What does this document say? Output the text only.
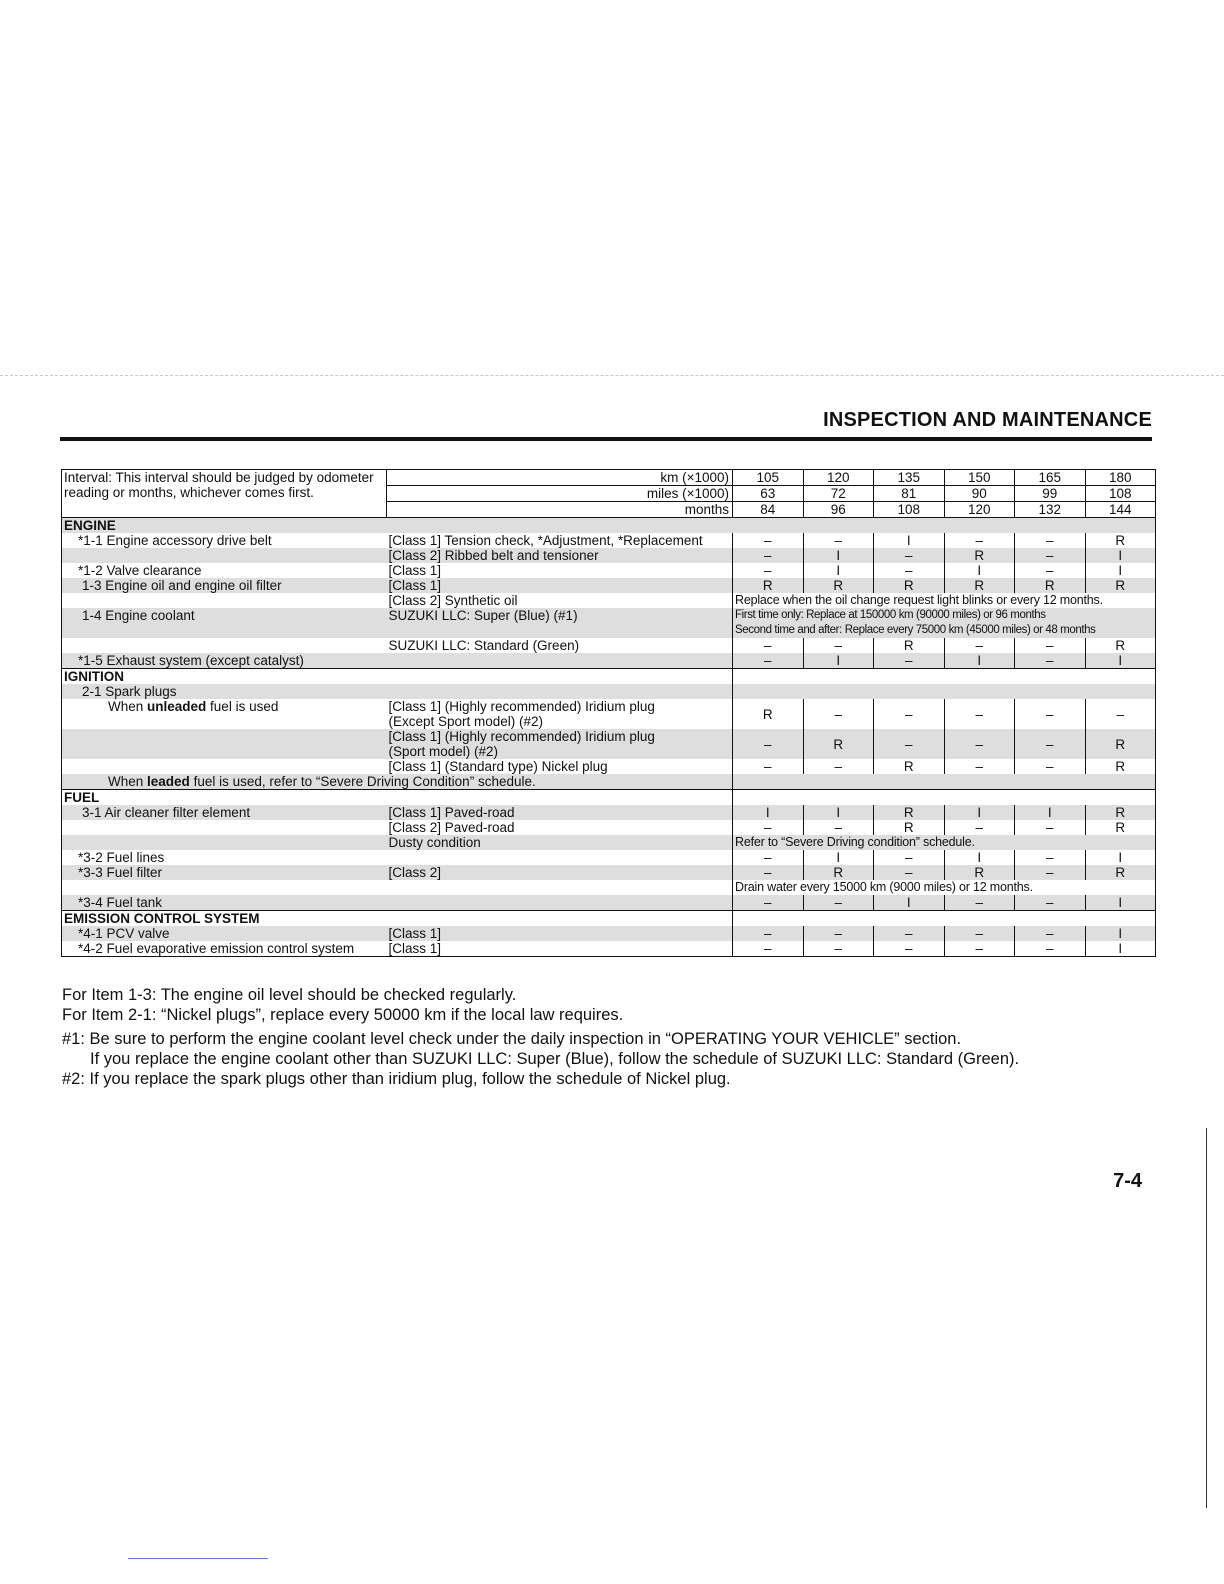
INSPECTION AND MAINTENANCE
Interval: This interval should be judged by odometer reading or months, whichever comes first.	km (×1000)	105	120	135	150	165	180
	miles (×1000)	63	72	81	90	99	108
	months	84	96	108	120	132	144
ENGINE							
*1-1 Engine accessory drive belt	[Class 1] Tension check, *Adjustment, *Replacement	–	–	I	–	–	R
	[Class 2] Ribbed belt and tensioner	–	I	–	R	–	I
*1-2 Valve clearance	[Class 1]	–	I	–	I	–	I
1-3 Engine oil and engine oil filter	[Class 1]	R	R	R	R	R	R
	[Class 2] Synthetic oil	Replace when the oil change request light blinks or every 12 months.					
1-4 Engine coolant	SUZUKI LLC: Super (Blue) (#1)	First time only: Replace at 150000 km (90000 miles) or 96 months					
		Second time and after: Replace every 75000 km (45000 miles) or 48 months					
	SUZUKI LLC: Standard (Green)	–	–	R	–	–	R
*1-5 Exhaust system (except catalyst)		–	I	–	I	–	I
IGNITION							
2-1 Spark plugs							
When unleaded fuel is used	[Class 1] (Highly recommended) Iridium plug	R	–	–	–	–	–
	(Except Sport model) (#2)						
	[Class 1] (Highly recommended) Iridium plug	–	R	–	–	–	R
	(Sport model) (#2)						
	[Class 1] (Standard type) Nickel plug	–	–	R	–	–	R
When leaded fuel is used, refer to “Severe Driving Condition” schedule.							
FUEL							
3-1 Air cleaner filter element	[Class 1] Paved-road	I	I	R	I	I	R
	[Class 2] Paved-road	–	–	R	–	–	R
	Dusty condition	Refer to “Severe Driving condition” schedule.					
*3-2 Fuel lines		–	I	–	I	–	I
*3-3 Fuel filter	[Class 2]	–	R	–	R	–	R
		Drain water every 15000 km (9000 miles) or 12 months.					
*3-4 Fuel tank		–	–	I	–	–	I
EMISSION CONTROL SYSTEM							
*4-1 PCV valve	[Class 1]	–	–	–	–	–	I
*4-2 Fuel evaporative emission control system	[Class 1]	–	–	–	–	–	I

For Item 1-3: The engine oil level should be checked regularly.

For Item 2-1: “Nickel plugs”, replace every 50000 km if the local law requires.

#1: Be sure to perform the engine coolant level check under the daily inspection in “OPERATING YOUR VEHICLE” section.

If you replace the engine coolant other than SUZUKI LLC: Super (Blue), follow the schedule of SUZUKI LLC: Standard (Green).

#2: If you replace the spark plugs other than iridium plug, follow the schedule of Nickel plug.

7-4
